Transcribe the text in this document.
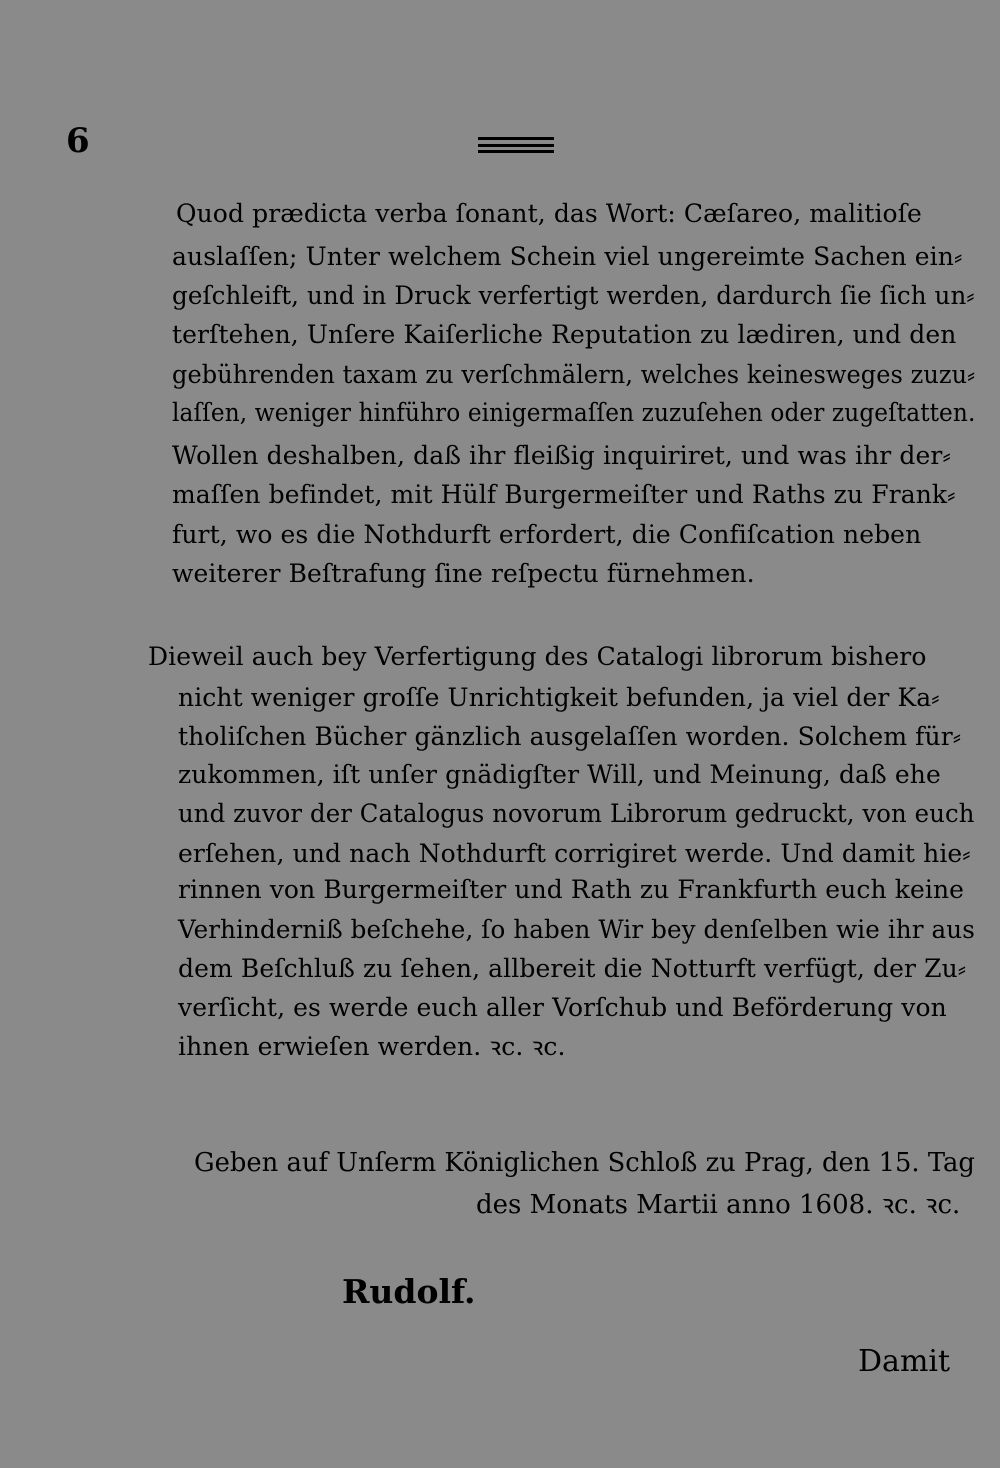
6
Quod prædicta verba ſonant, das Wort: Cæſareo, malitioſe
auslaſſen; Unter welchem Schein viel ungereimte Sachen ein⸗
geſchleift, und in Druck verfertigt werden, dardurch ſie ſich un⸗
terſtehen, Unſere Kaiſerliche Reputation zu lædiren, und den
gebührenden taxam zu verſchmälern, welches keinesweges zuzu⸗
laſſen, weniger hinführo einigermaſſen zuzuſehen oder zugeſtatten.
Wollen deshalben, daß ihr fleißig inquiriret, und was ihr der⸗
maſſen befindet, mit Hülf Burgermeiſter und Raths zu Frank⸗
furt, wo es die Nothdurft erfordert, die Confiſcation neben
weiterer Beſtrafung ſine reſpectu fürnehmen.
Dieweil auch bey Verfertigung des Catalogi librorum bishero
nicht weniger groſſe Unrichtigkeit befunden, ja viel der Ka⸗
tholiſchen Bücher gänzlich ausgelaſſen worden. Solchem für⸗
zukommen, iſt unſer gnädigſter Will, und Meinung, daß ehe
und zuvor der Catalogus novorum Librorum gedruckt, von euch
erſehen, und nach Nothdurft corrigiret werde. Und damit hie⸗
rinnen von Burgermeiſter und Rath zu Frankfurth euch keine
Verhinderniß beſchehe, ſo haben Wir bey denſelben wie ihr aus
dem Beſchluß zu ſehen, allbereit die Notturft verfügt, der Zu⸗
verſicht, es werde euch aller Vorſchub und Beförderung von
ihnen erwieſen werden. ꝛc. ꝛc.
Geben auf Unſerm Königlichen Schloß zu Prag, den 15. Tag
des Monats Martii anno 1608. ꝛc. ꝛc.
Rudolf.
Damit
